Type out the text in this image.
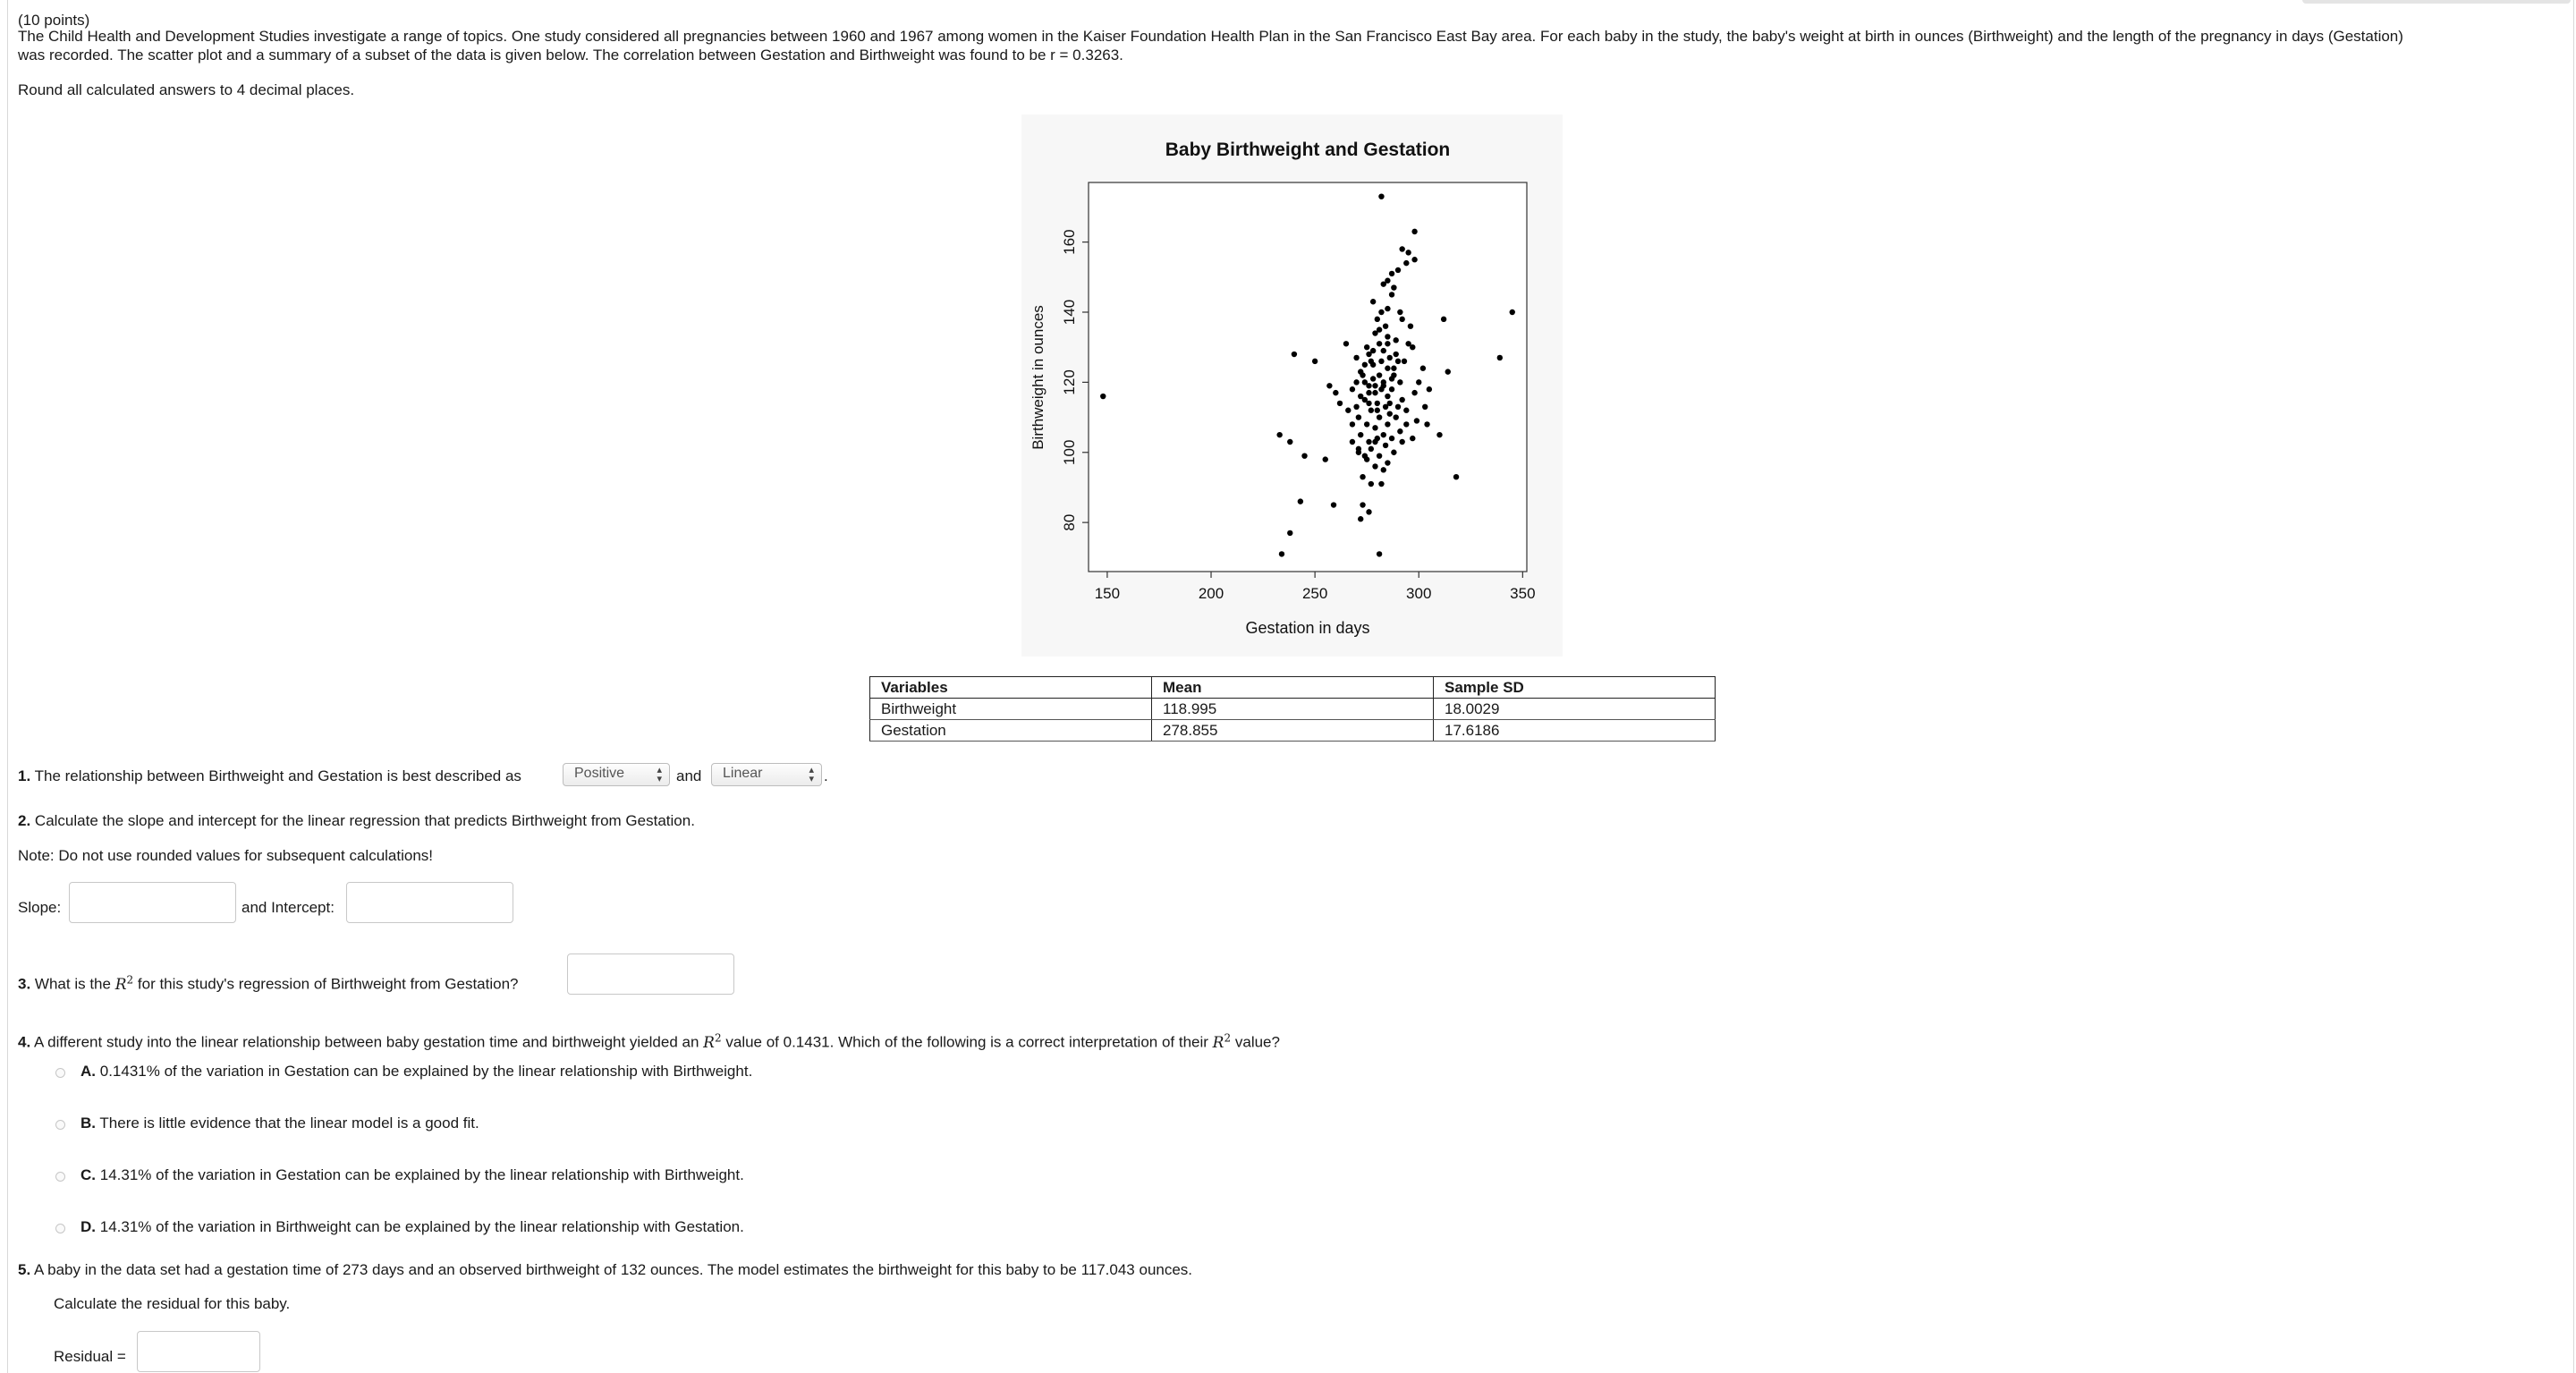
(10 points)
The Child Health and Development Studies investigate a range of topics. One study considered all pregnancies between 1960 and 1967 among women in the Kaiser Foundation Health Plan in the San Francisco East Bay area. For each baby in the study, the baby's weight at birth in ounces (Birthweight) and the length of the pregnancy in days (Gestation)
was recorded. The scatter plot and a summary of a subset of the data is given below. The correlation between Gestation and Birthweight was found to be r = 0.3263.
Round all calculated answers to 4 decimal places.
Baby Birthweight and Gestation
150	200	250	300	350
80
100
120
140
160
Gestation in days
Birthweight in ounces
Variables	Mean	Sample SD
Birthweight	118.995	18.0029
Gestation	278.855	17.6186
1. The relationship between Birthweight and Gestation is best described as	Positive	▴
▾ and	Linear	▴
▾ .
2. Calculate the slope and intercept for the linear regression that predicts Birthweight from Gestation.
Note: Do not use rounded values for subsequent calculations!
Slope:	and Intercept:
3. What is the $R^2$ for this study's regression of Birthweight from Gestation?
4. A different study into the linear relationship between baby gestation time and birthweight yielded an $R^2$ value of 0.1431. Which of the following is a correct interpretation of their $R^2$ value?
A. 0.1431% of the variation in Gestation can be explained by the linear relationship with Birthweight.
B. There is little evidence that the linear model is a good fit.
C. 14.31% of the variation in Gestation can be explained by the linear relationship with Birthweight.
D. 14.31% of the variation in Birthweight can be explained by the linear relationship with Gestation.
5. A baby in the data set had a gestation time of 273 days and an observed birthweight of 132 ounces. The model estimates the birthweight for this baby to be 117.043 ounces.
Calculate the residual for this baby.
Residual =
